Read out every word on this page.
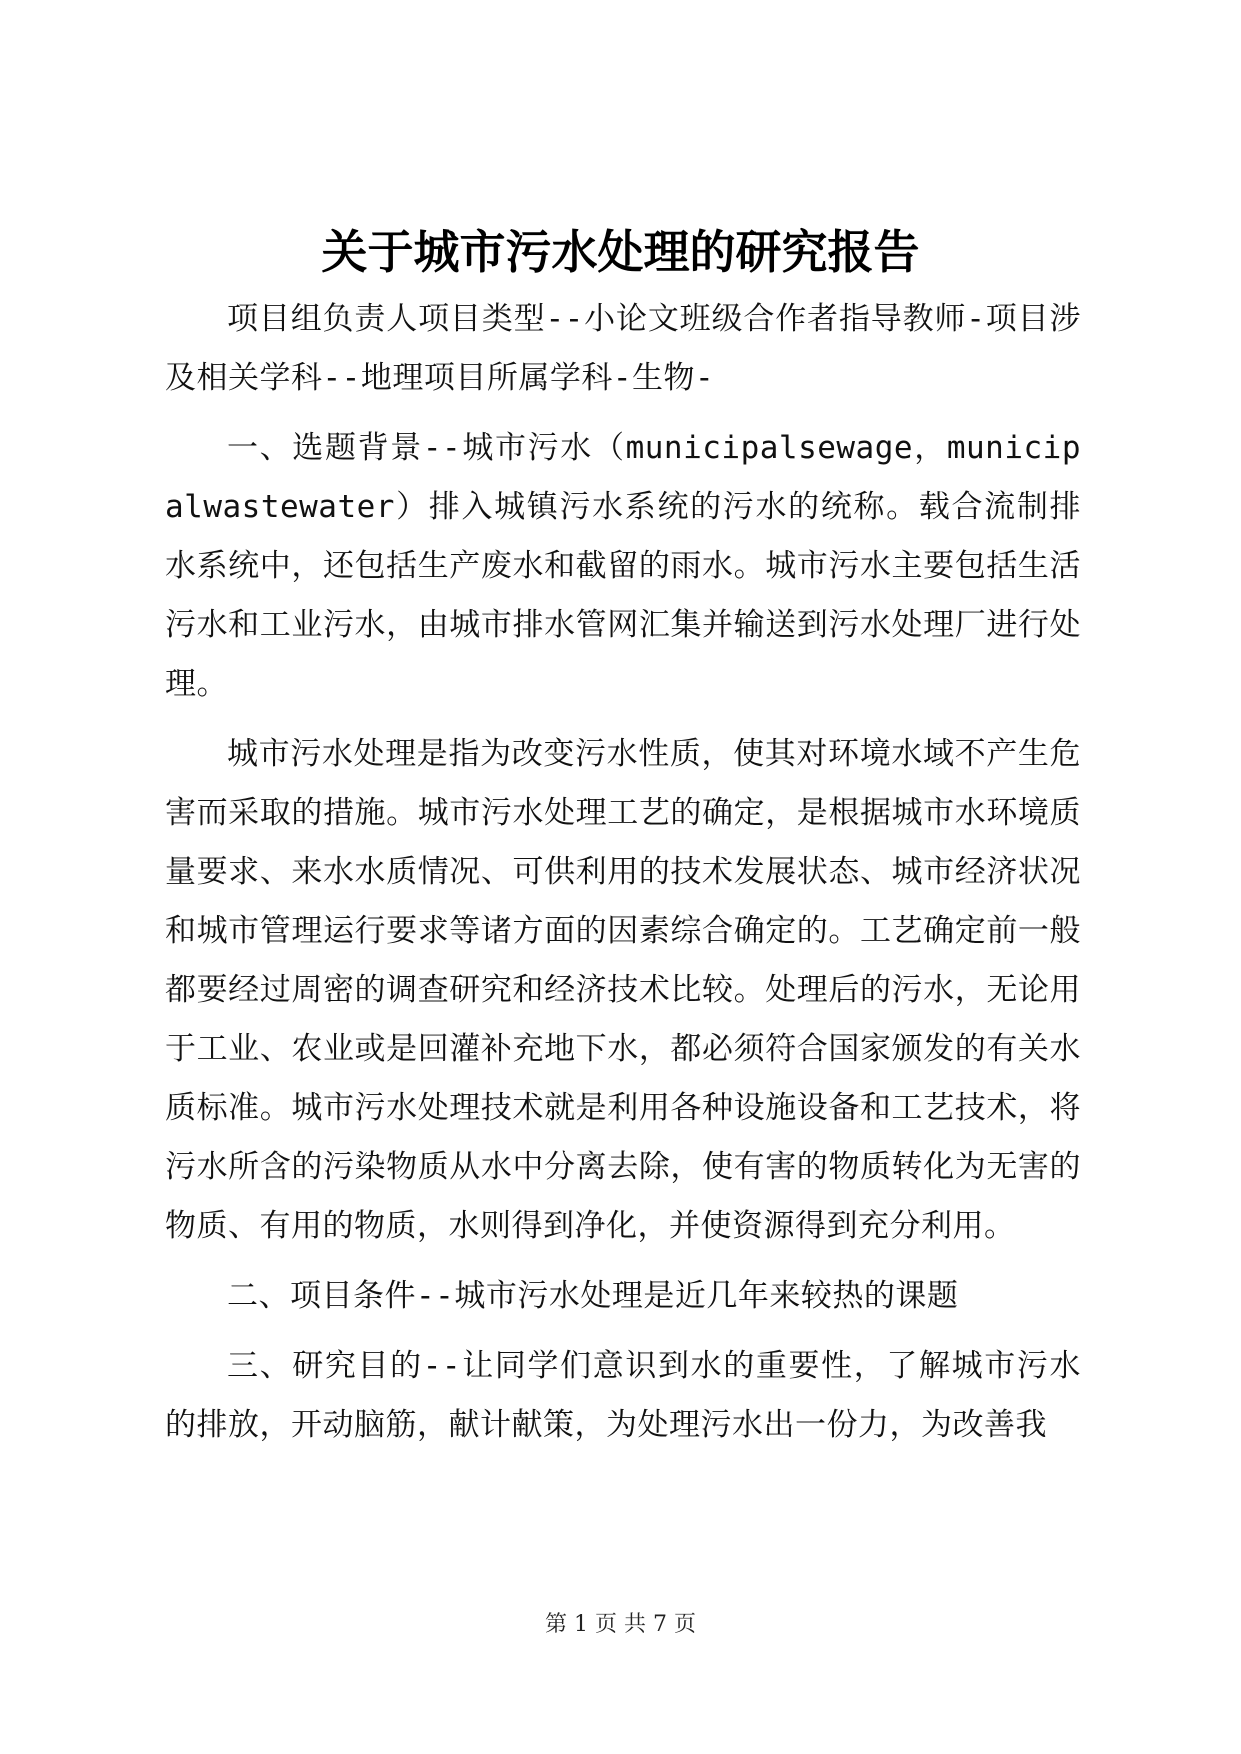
关于城市污水处理的研究报告

项目组负责人项目类型--小论文班级合作者指导教师-项目涉及相关学科--地理项目所属学科-生物-

一、选题背景--城市污水（municipalsewage，municipalwastewater）排入城镇污水系统的污水的统称。载合流制排水系统中，还包括生产废水和截留的雨水。城市污水主要包括生活污水和工业污水，由城市排水管网汇集并输送到污水处理厂进行处理。

城市污水处理是指为改变污水性质，使其对环境水域不产生危害而采取的措施。城市污水处理工艺的确定，是根据城市水环境质量要求、来水水质情况、可供利用的技术发展状态、城市经济状况和城市管理运行要求等诸方面的因素综合确定的。工艺确定前一般都要经过周密的调查研究和经济技术比较。处理后的污水，无论用于工业、农业或是回灌补充地下水，都必须符合国家颁发的有关水质标准。城市污水处理技术就是利用各种设施设备和工艺技术，将污水所含的污染物质从水中分离去除，使有害的物质转化为无害的物质、有用的物质，水则得到净化，并使资源得到充分利用。

二、项目条件--城市污水处理是近几年来较热的课题

三、研究目的--让同学们意识到水的重要性，了解城市污水的排放，开动脑筋，献计献策，为处理污水出一份力，为改善我

第 1 页 共 7 页
